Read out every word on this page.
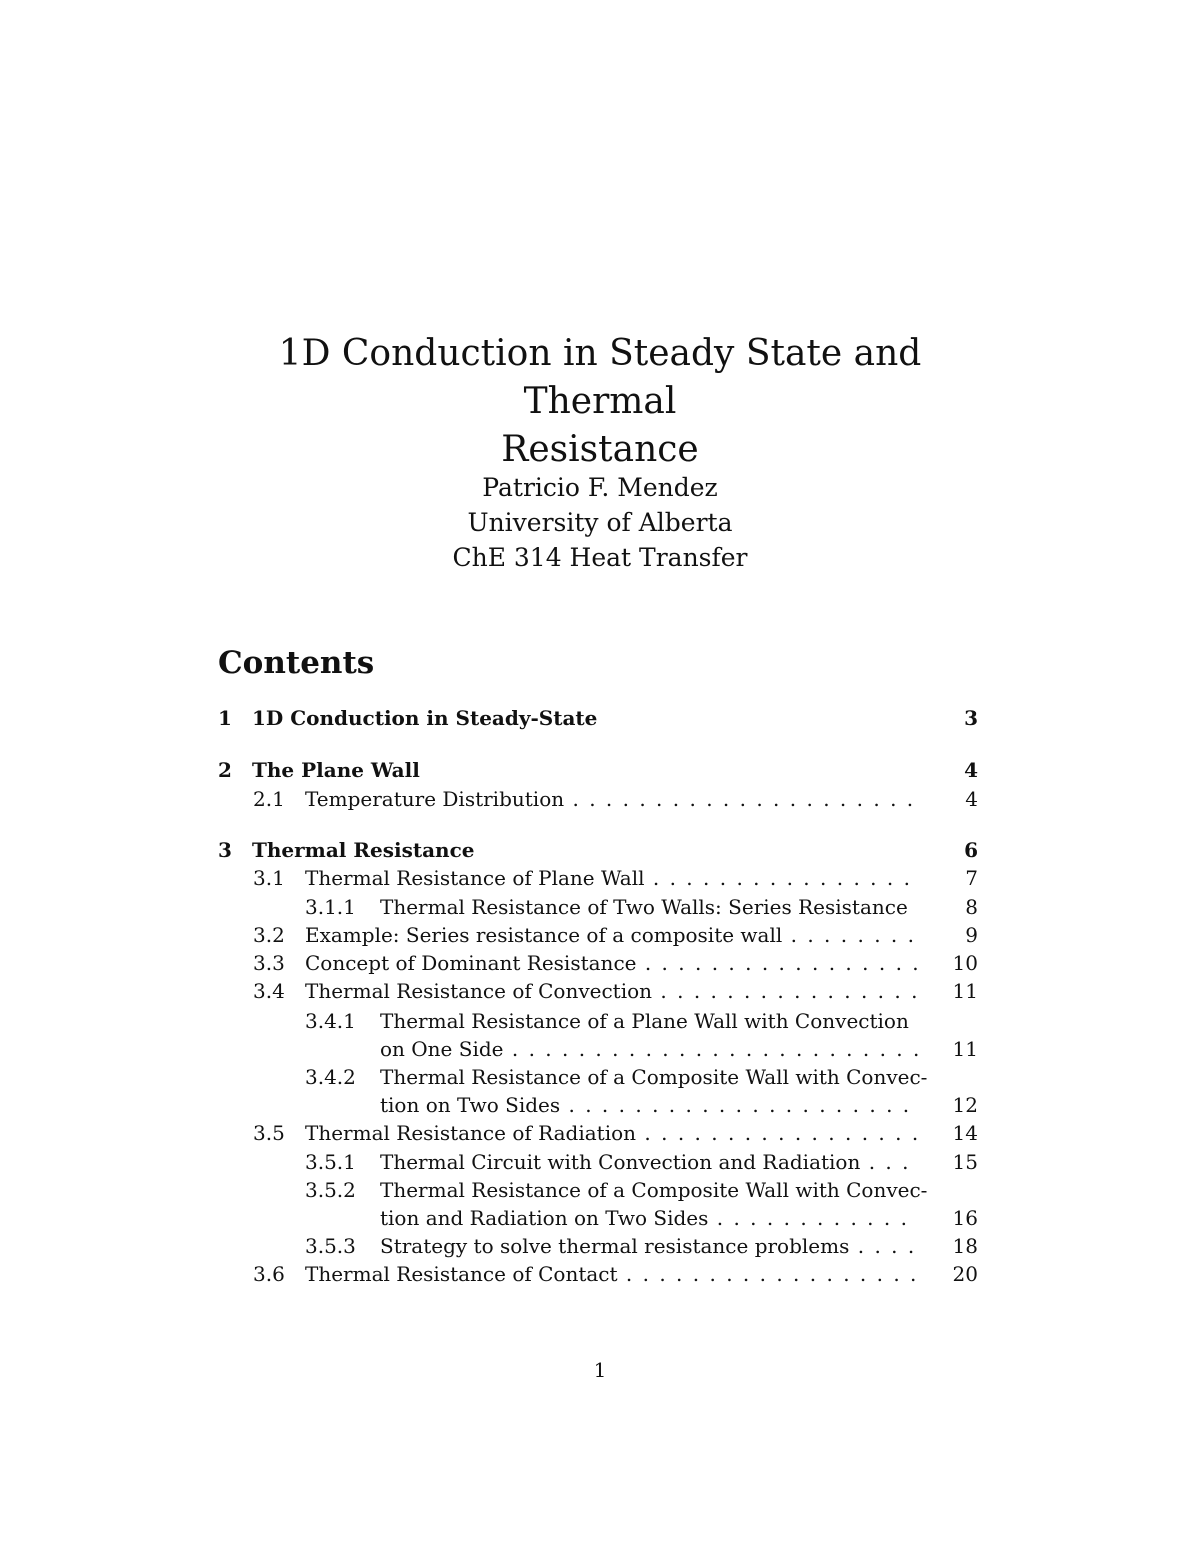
1D Conduction in Steady State and Thermal
Resistance
Patricio F. Mendez
University of Alberta
ChE 314 Heat Transfer
Contents
1 1D Conduction in Steady-State	3
2 The Plane Wall	4
2.1 Temperature Distribution . . .	4
3 Thermal Resistance	6
3.1 Thermal Resistance of Plane Wall . . .	7
3.1.1 Thermal Resistance of Two Walls: Series Resistance . . .	8
3.2 Example: Series resistance of a composite wall . . .	9
3.3 Concept of Dominant Resistance . . .	10
3.4 Thermal Resistance of Convection . . .	11
3.4.1 Thermal Resistance of a Plane Wall with Convection
on One Side . . .	11
3.4.2 Thermal Resistance of a Composite Wall with Convec-
tion on Two Sides . . .	12
3.5 Thermal Resistance of Radiation . . .	14
3.5.1 Thermal Circuit with Convection and Radiation . . .	15
3.5.2 Thermal Resistance of a Composite Wall with Convec-
tion and Radiation on Two Sides . . .	16
3.5.3 Strategy to solve thermal resistance problems . . .	18
3.6 Thermal Resistance of Contact . . .	20
1
